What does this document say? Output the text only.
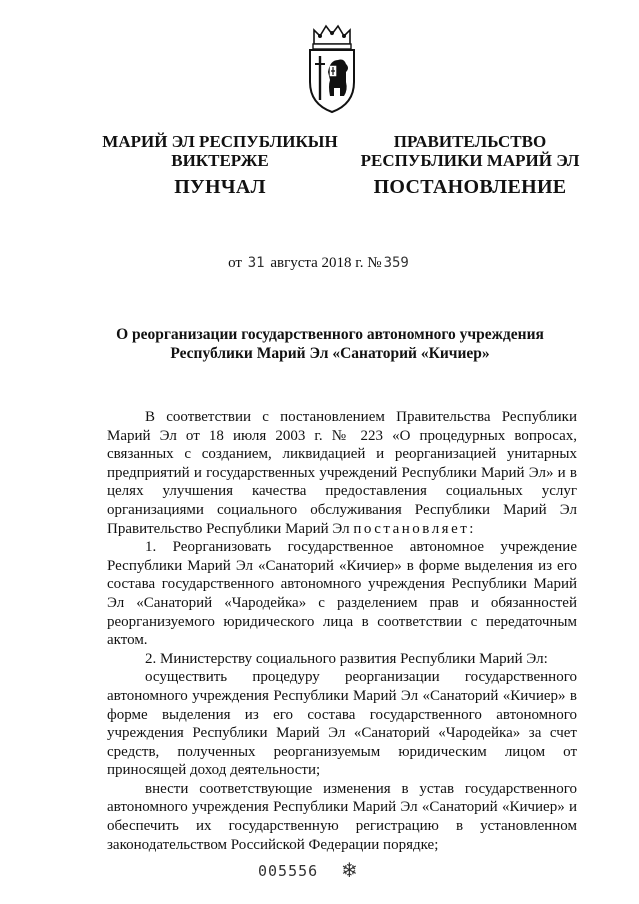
МАРИЙ ЭЛ РЕСПУБЛИКЫН
ВИКТЕРЖЕ
ПРАВИТЕЛЬСТВО
РЕСПУБЛИКИ МАРИЙ ЭЛ
ПУНЧАЛ	ПОСТАНОВЛЕНИЕ
от 31 августа 2018 г. № 359
О реорганизации государственного автономного учреждения
Республики Марий Эл «Санаторий «Кичиер»

В соответствии с постановлением Правительства Республики Марий Эл от 18 июля 2003 г. № 223 «О процедурных вопросах, связанных с созданием, ликвидацией и реорганизацией унитарных предприятий и государственных учреждений Республики Марий Эл» и в целях улучшения качества предоставления социальных услуг организациями социального обслуживания Республики Марий Эл Правительство Республики Марий Эл постановляет:

1. Реорганизовать государственное автономное учреждение Республики Марий Эл «Санаторий «Кичиер» в форме выделения из его состава государственного автономного учреждения Республики Марий Эл «Санаторий «Чародейка» с разделением прав и обязанностей реорганизуемого юридического лица в соответствии с передаточным актом.

2. Министерству социального развития Республики Марий Эл:

осуществить процедуру реорганизации государственного автономного учреждения Республики Марий Эл «Санаторий «Кичиер» в форме выделения из его состава государственного автономного учреждения Республики Марий Эл «Санаторий «Чародейка» за счет средств, полученных реорганизуемым юридическим лицом от приносящей доход деятельности;

внести соответствующие изменения в устав государственного автономного учреждения Республики Марий Эл «Санаторий «Кичиер» и обеспечить их государственную регистрацию в установленном законодательством Российской Федерации порядке;

005556 ❄
